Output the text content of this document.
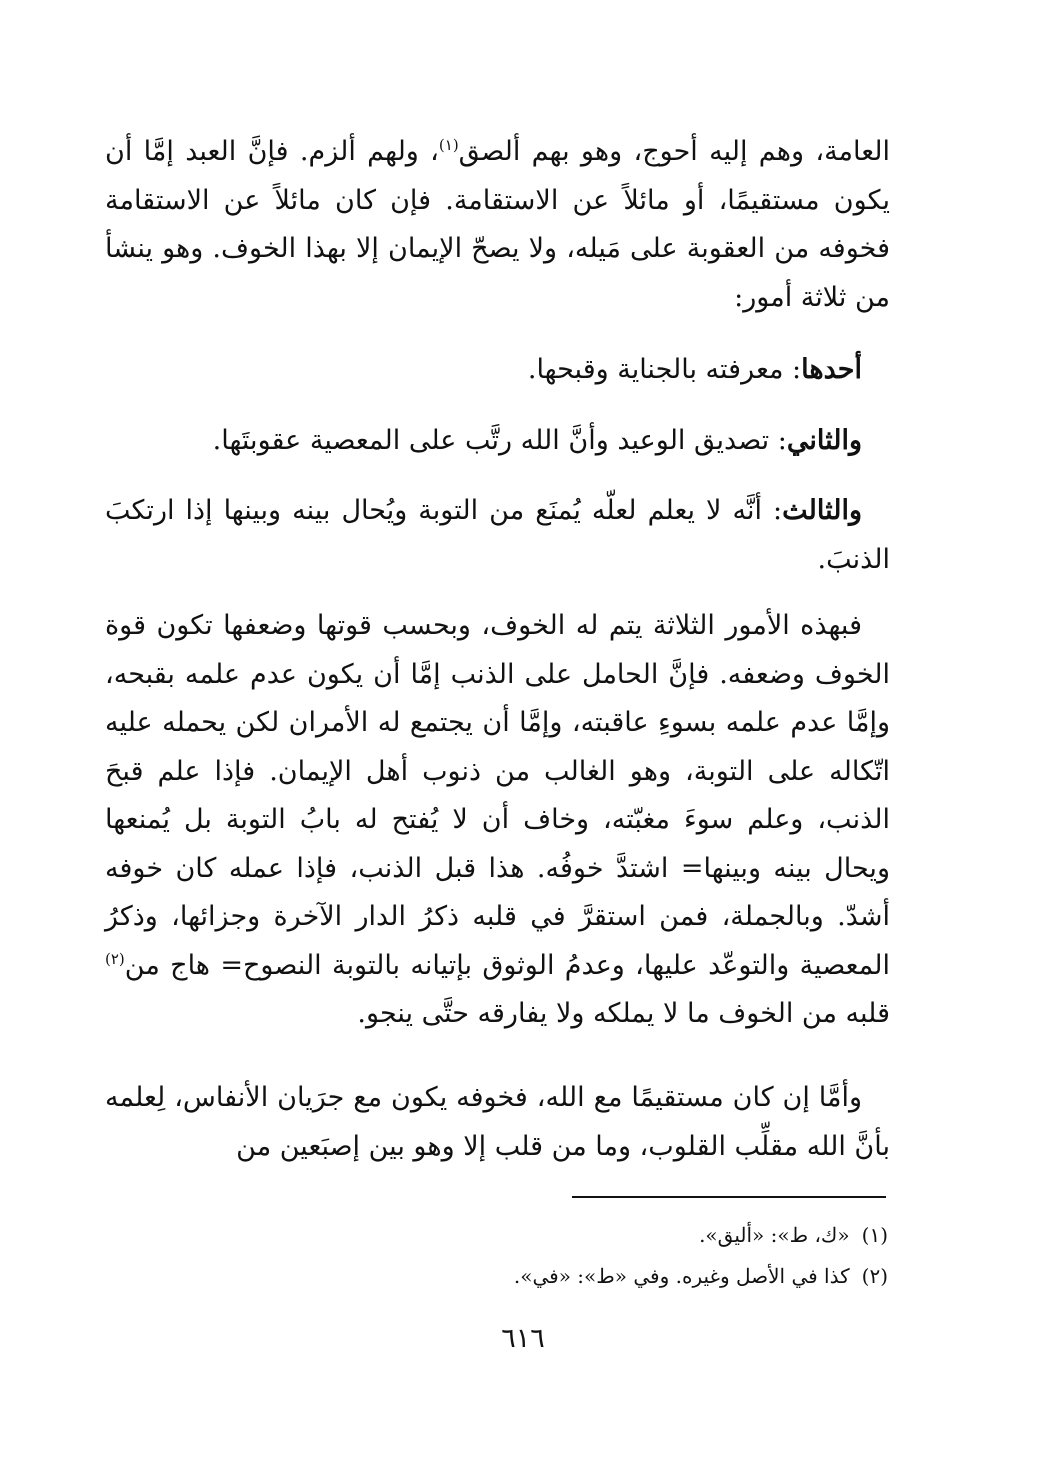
العامة، وهم إليه أحوج، وهو بهم ألصق$^{(١)}$، ولهم ألزم. فإنَّ العبد إمَّا أن يكون مستقيمًا، أو مائلاً عن الاستقامة. فإن كان مائلاً عن الاستقامة فخوفه من العقوبة على مَيله، ولا يصحّ الإيمان إلا بهذا الخوف. وهو ينشأ من ثلاثة أمور:

أحدها: معرفته بالجناية وقبحها.

والثاني: تصديق الوعيد وأنَّ الله رتَّب على المعصية عقوبتَها.

والثالث: أنَّه لا يعلم لعلّه يُمنَع من التوبة ويُحال بينه وبينها إذا ارتكبَ الذنبَ.

فبهذه الأمور الثلاثة يتم له الخوف، وبحسب قوتها وضعفها تكون قوة الخوف وضعفه. فإنَّ الحامل على الذنب إمَّا أن يكون عدم علمه بقبحه، وإمَّا عدم علمه بسوءِ عاقبته، وإمَّا أن يجتمع له الأمران لكن يحمله عليه اتّكاله على التوبة، وهو الغالب من ذنوب أهل الإيمان. فإذا علم قبحَ الذنب، وعلم سوءَ مغبّته، وخاف أن لا يُفتح له بابُ التوبة بل يُمنعها ويحال بينه وبينها= اشتدَّ خوفُه. هذا قبل الذنب، فإذا عمله كان خوفه أشدّ. وبالجملة، فمن استقرَّ في قلبه ذكرُ الدار الآخرة وجزائها، وذكرُ المعصية والتوعّد عليها، وعدمُ الوثوق بإتيانه بالتوبة النصوح= هاج من$^{(٢)}$ قلبه من الخوف ما لا يملكه ولا يفارقه حتَّى ينجو.

وأمَّا إن كان مستقيمًا مع الله، فخوفه يكون مع جرَيان الأنفاس، لِعلمه بأنَّ الله مقلِّب القلوب، وما من قلب إلا وهو بين إصبَعين من

(١)«ك، ط»: «أليق».
(٢)كذا في الأصل وغيره. وفي «ط»: «في».
٦١٦
